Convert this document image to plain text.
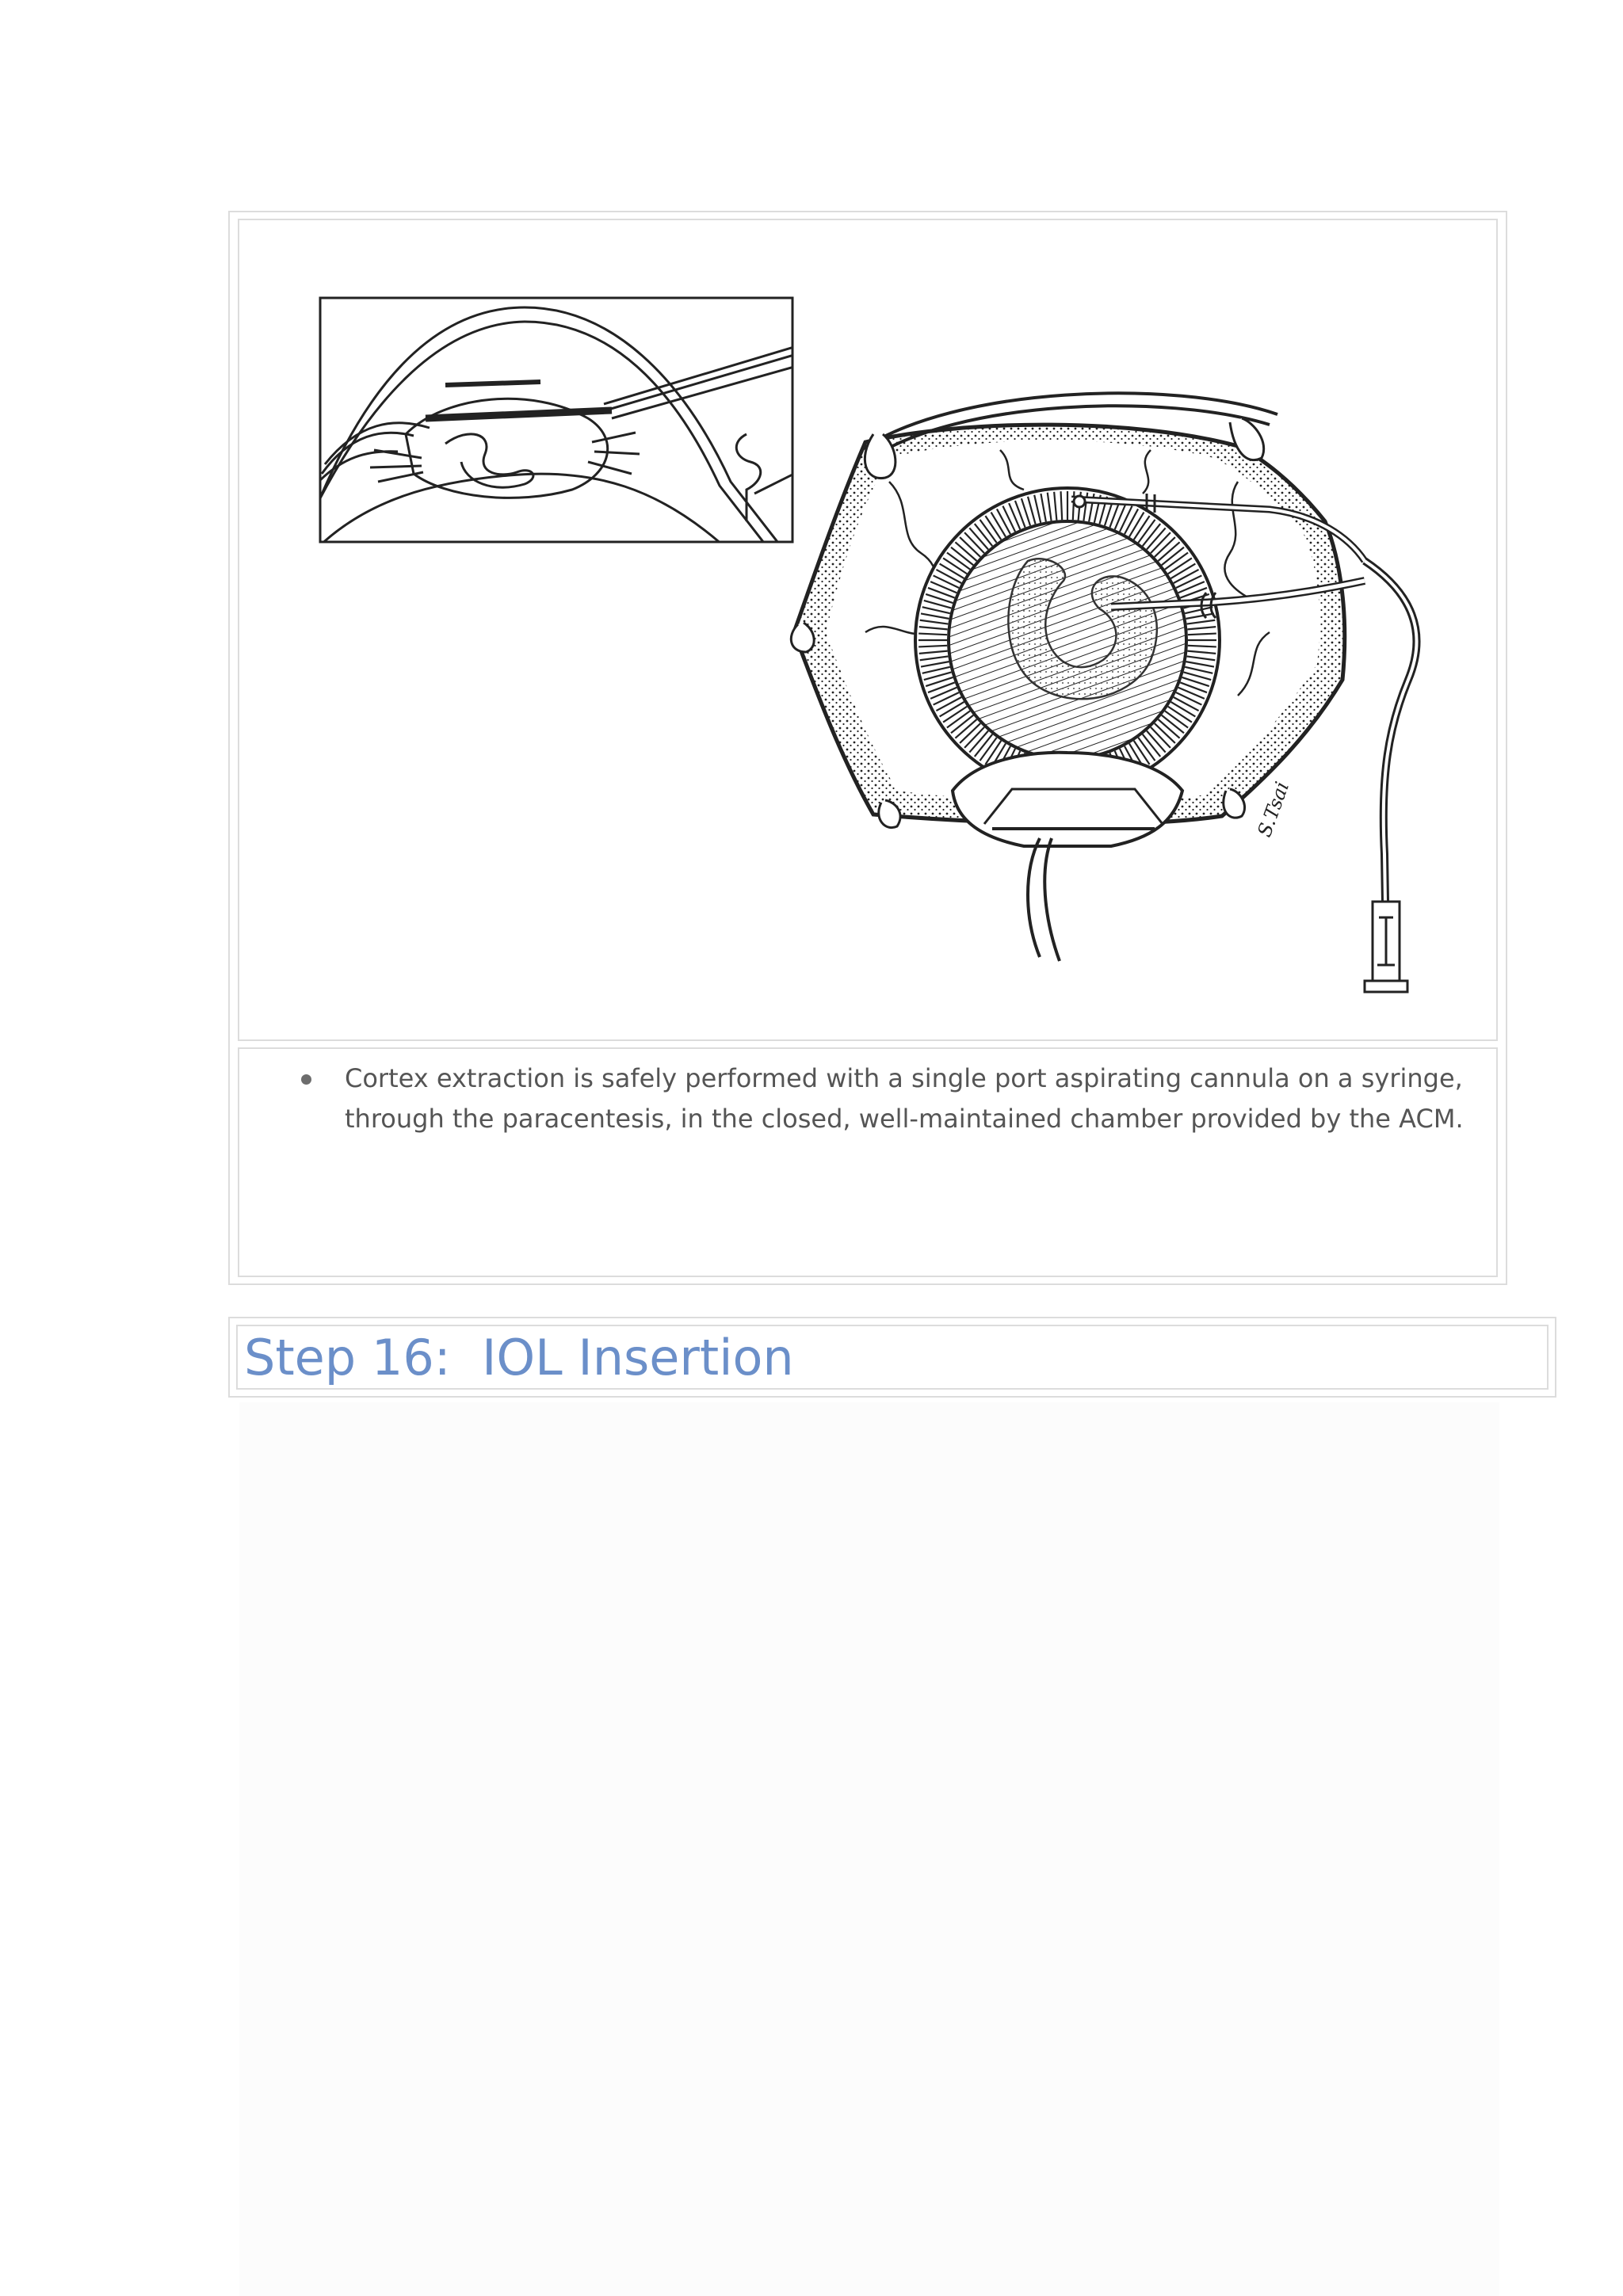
S.Tsai

Cortex extraction is safely performed with a single port aspirating cannula on a syringe, through the paracentesis, in the closed, well-maintained chamber provided by the ACM.

Step 16:  IOL Insertion
